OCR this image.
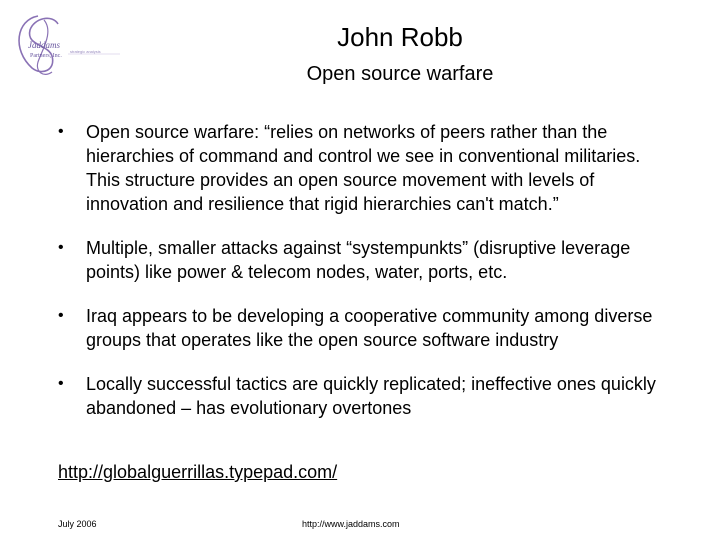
Jaddams
Partners, Inc.
strategic analysis	John Robb
Open source warfare
• Open source warfare: “relies on networks of peers rather than the hierarchies of command and control we see in conventional militaries. This structure provides an open source movement with levels of innovation and resilience that rigid hierarchies can't match.”
• Multiple, smaller attacks against “systempunkts” (disruptive leverage points) like power & telecom nodes, water, ports, etc.
• Iraq appears to be developing a cooperative community among diverse groups that operates like the open source software industry
• Locally successful tactics are quickly replicated; ineffective ones quickly abandoned – has evolutionary overtones
http://globalguerrillas.typepad.com/
July 2006	http://www.jaddams.com
